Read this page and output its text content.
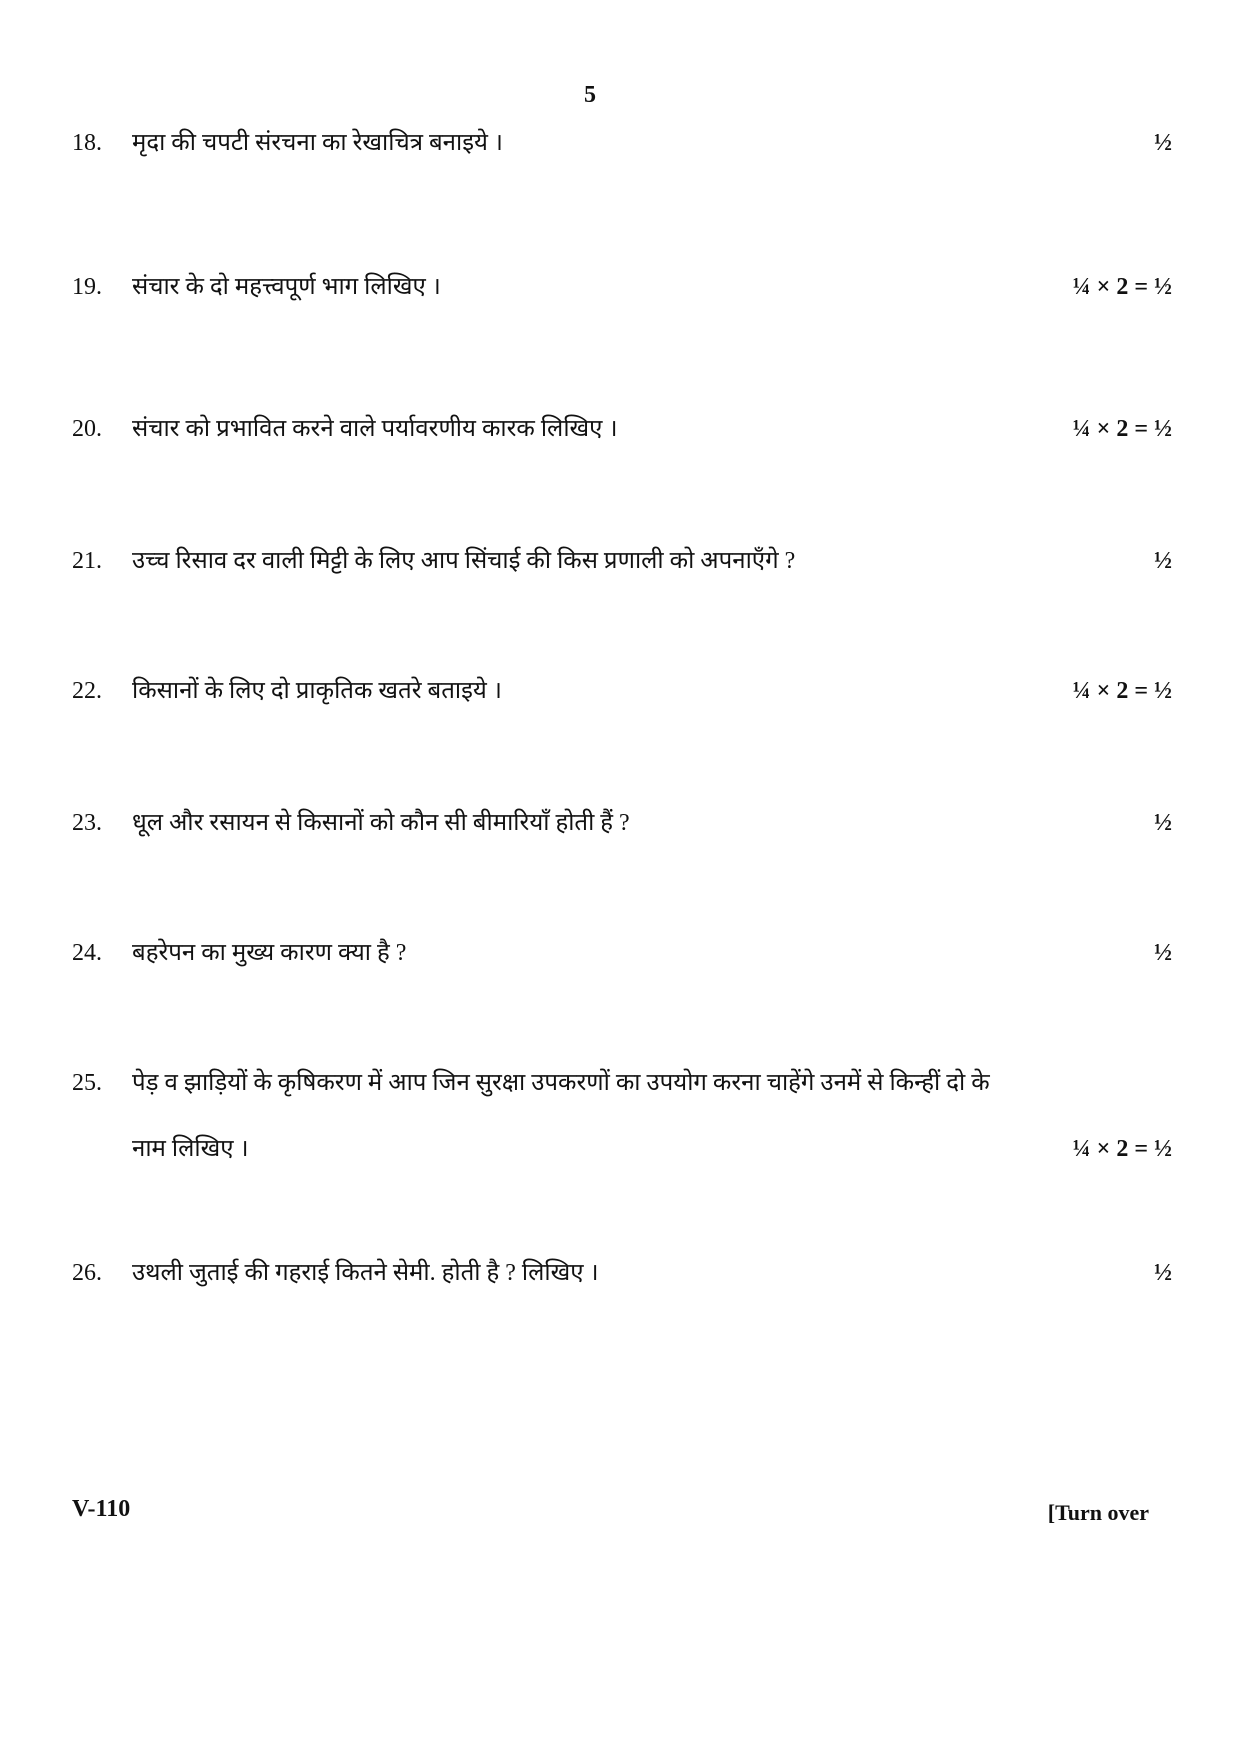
5
18.	मृदा की चपटी संरचना का रेखाचित्र बनाइये ।	½
19.	संचार के दो महत्त्वपूर्ण भाग लिखिए ।	¼ × 2 = ½
20.	संचार को प्रभावित करने वाले पर्यावरणीय कारक लिखिए ।	¼ × 2 = ½
21.	उच्च रिसाव दर वाली मिट्टी के लिए आप सिंचाई की किस प्रणाली को अपनाएँगे ?	½
22.	किसानों के लिए दो प्राकृतिक खतरे बताइये ।	¼ × 2 = ½
23.	धूल और रसायन से किसानों को कौन सी बीमारियाँ होती हैं ?	½
24.	बहरेपन का मुख्य कारण क्या है ?	½
25.	पेड़ व झाड़ियों के कृषिकरण में आप जिन सुरक्षा उपकरणों का उपयोग करना चाहेंगे उनमें से किन्हीं दो के
नाम लिखिए ।	¼ × 2 = ½
26.	उथली जुताई की गहराई कितने सेमी. होती है ? लिखिए ।	½
V-110	[Turn over
